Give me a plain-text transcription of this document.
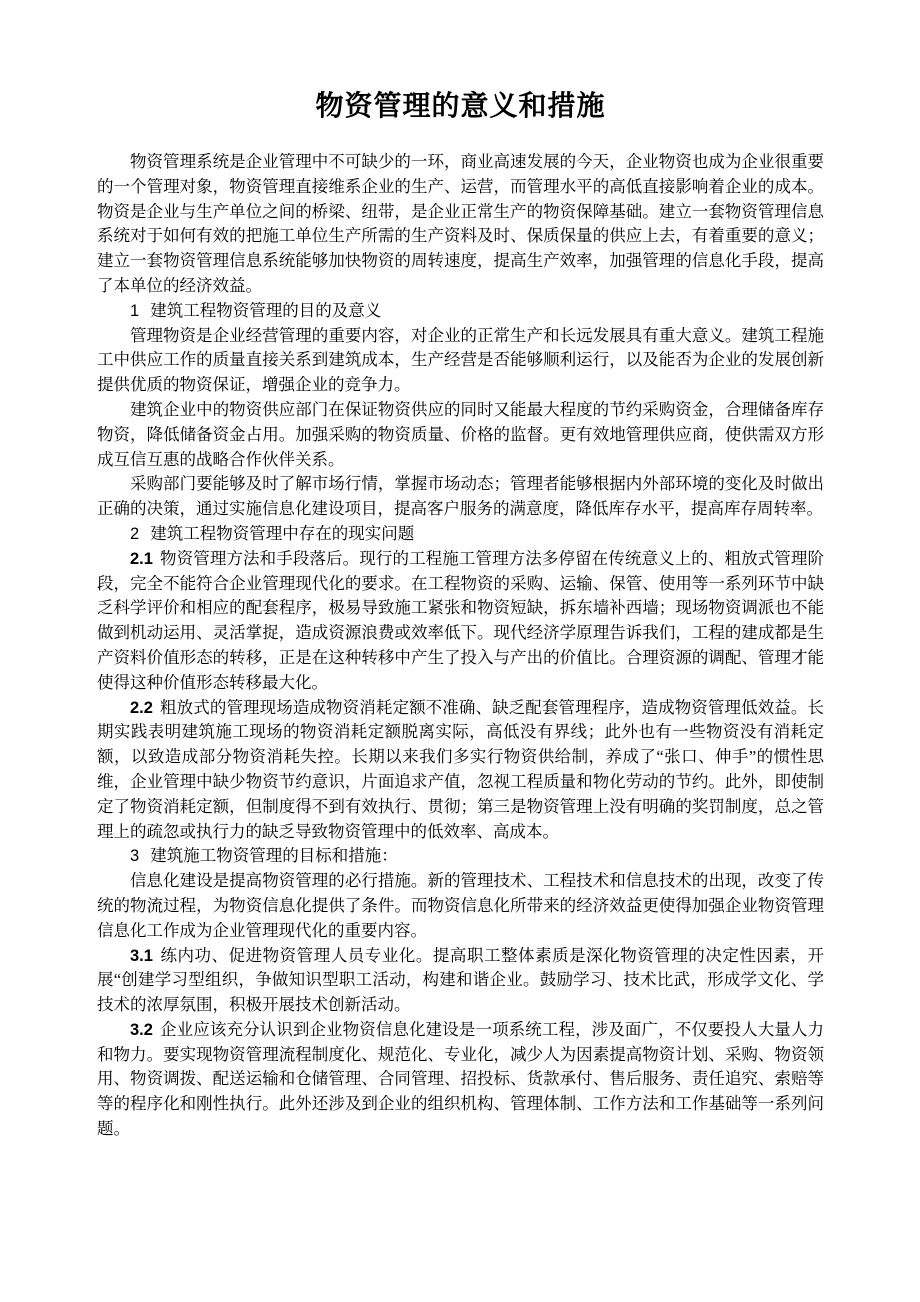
物资管理的意义和措施

物资管理系统是企业管理中不可缺少的一环，商业高速发展的今天，企业物资也成为企业很重要的一个管理对象，物资管理直接维系企业的生产、运营，而管理水平的高低直接影响着企业的成本。物资是企业与生产单位之间的桥梁、纽带，是企业正常生产的物资保障基础。建立一套物资管理信息系统对于如何有效的把施工单位生产所需的生产资料及时、保质保量的供应上去，有着重要的意义；建立一套物资管理信息系统能够加快物资的周转速度，提高生产效率，加强管理的信息化手段，提高了本单位的经济效益。

1 建筑工程物资管理的目的及意义

管理物资是企业经营管理的重要内容，对企业的正常生产和长远发展具有重大意义。建筑工程施工中供应工作的质量直接关系到建筑成本，生产经营是否能够顺利运行，以及能否为企业的发展创新提供优质的物资保证，增强企业的竞争力。

建筑企业中的物资供应部门在保证物资供应的同时又能最大程度的节约采购资金，合理储备库存物资，降低储备资金占用。加强采购的物资质量、价格的监督。更有效地管理供应商，使供需双方形成互信互惠的战略合作伙伴关系。

采购部门要能够及时了解市场行情，掌握市场动态；管理者能够根据内外部环境的变化及时做出正确的决策，通过实施信息化建设项目，提高客户服务的满意度，降低库存水平，提高库存周转率。

2 建筑工程物资管理中存在的现实问题

2.1 物资管理方法和手段落后。现行的工程施工管理方法多停留在传统意义上的、粗放式管理阶段，完全不能符合企业管理现代化的要求。在工程物资的采购、运输、保管、使用等一系列环节中缺乏科学评价和相应的配套程序，极易导致施工紧张和物资短缺，拆东墙补西墙；现场物资调派也不能做到机动运用、灵活掌捉，造成资源浪费或效率低下。现代经济学原理告诉我们，工程的建成都是生产资料价值形态的转移，正是在这种转移中产生了投入与产出的价值比。合理资源的调配、管理才能使得这种价值形态转移最大化。

2.2 粗放式的管理现场造成物资消耗定额不准确、缺乏配套管理程序，造成物资管理低效益。长期实践表明建筑施工现场的物资消耗定额脱离实际，高低没有界线；此外也有一些物资没有消耗定额，以致造成部分物资消耗失控。长期以来我们多实行物资供给制，养成了“张口、伸手”的惯性思维，企业管理中缺少物资节约意识，片面追求产值，忽视工程质量和物化劳动的节约。此外，即使制定了物资消耗定额，但制度得不到有效执行、贯彻；第三是物资管理上没有明确的奖罚制度，总之管理上的疏忽或执行力的缺乏导致物资管理中的低效率、高成本。

3 建筑施工物资管理的目标和措施：

信息化建设是提高物资管理的必行措施。新的管理技术、工程技术和信息技术的出现，改变了传统的物流过程，为物资信息化提供了条件。而物资信息化所带来的经济效益更使得加强企业物资管理信息化工作成为企业管理现代化的重要内容。

3.1 练内功、促进物资管理人员专业化。提高职工整体素质是深化物资管理的决定性因素，开展“创建学习型组织，争做知识型职工活动，构建和谐企业。鼓励学习、技术比武，形成学文化、学技术的浓厚氛围，积极开展技术创新活动。

3.2 企业应该充分认识到企业物资信息化建设是一项系统工程，涉及面广，不仅要投人大量人力和物力。要实现物资管理流程制度化、规范化、专业化，减少人为因素提高物资计划、采购、物资领用、物资调拨、配送运输和仓储管理、合同管理、招投标、货款承付、售后服务、责任追究、索赔等等的程序化和刚性执行。此外还涉及到企业的组织机构、管理体制、工作方法和工作基础等一系列问题。
